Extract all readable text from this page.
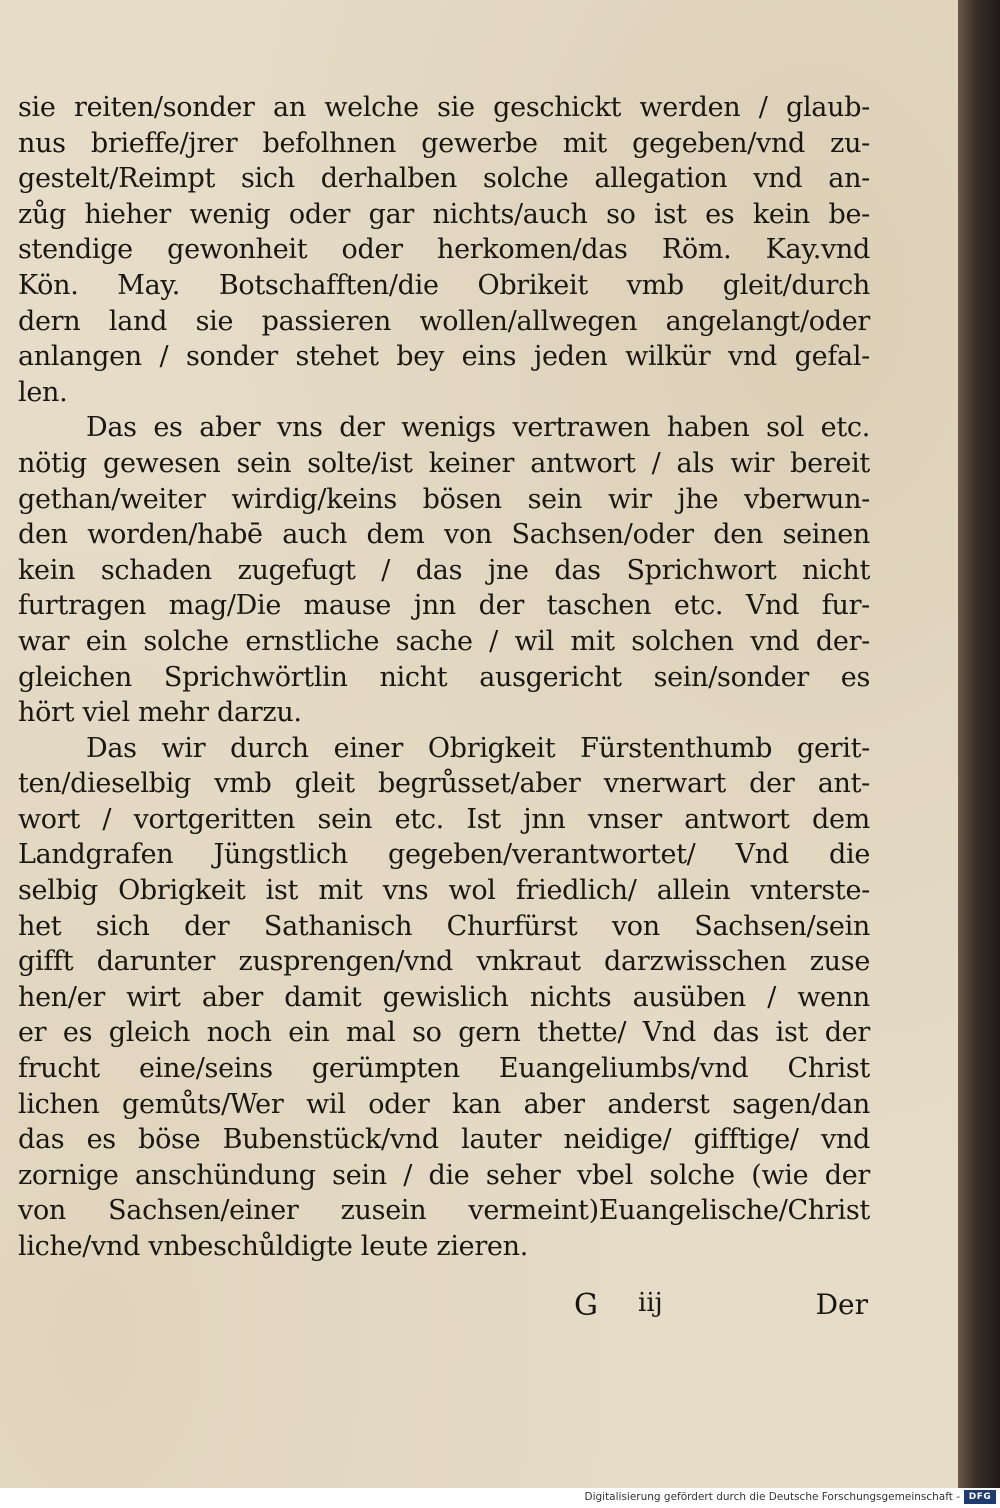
sie reiten/sonder an welche sie geschickt werden / glaub-
nus brieffe/jrer befolhnen gewerbe mit gegeben/vnd zu-
gestelt/Reimpt sich derhalben solche allegation vnd an-
zůg hieher wenig oder gar nichts/auch so ist es kein be-
stendige gewonheit oder herkomen/das Röm. Kay.vnd
Kön. May. Botschafften/die Obrikeit vmb gleit/durch
dern land sie passieren wollen/allwegen angelangt/oder
anlangen / sonder stehet bey eins jeden wilkür vnd gefal-
len.
Das es aber vns der wenigs vertrawen haben sol etc.
nötig gewesen sein solte/ist keiner antwort / als wir bereit
gethan/weiter wirdig/keins bösen sein wir jhe vberwun-
den worden/habē auch dem von Sachsen/oder den seinen
kein schaden zugefugt / das jne das Sprichwort nicht
furtragen mag/Die mause jnn der taschen etc. Vnd fur-
war ein solche ernstliche sache / wil mit solchen vnd der-
gleichen Sprichwörtlin nicht ausgericht sein/sonder es
hört viel mehr darzu.
Das wir durch einer Obrigkeit Fürstenthumb gerit-
ten/dieselbig vmb gleit begrůsset/aber vnerwart der ant-
wort / vortgeritten sein etc. Ist jnn vnser antwort dem
Landgrafen Jüngstlich gegeben/verantwortet/ Vnd die
selbig Obrigkeit ist mit vns wol friedlich/ allein vnterste-
het sich der Sathanisch Churfürst von Sachsen/sein
gifft darunter zusprengen/vnd vnkraut darzwisschen zuse
hen/er wirt aber damit gewislich nichts ausüben / wenn
er es gleich noch ein mal so gern thette/ Vnd das ist der
frucht eine/seins gerümpten Euangeliumbs/vnd Christ
lichen gemůts/Wer wil oder kan aber anderst sagen/dan
das es böse Bubenstück/vnd lauter neidige/ gifftige/ vnd
zornige anschündung sein / die seher vbel solche (wie der
von Sachsen/einer zusein vermeint)Euangelische/Christ
liche/vnd vnbeschůldigte leute zieren.
G iij	Der
Digitalisierung gefördert durch die Deutsche Forschungsgemeinschaft - DFG
